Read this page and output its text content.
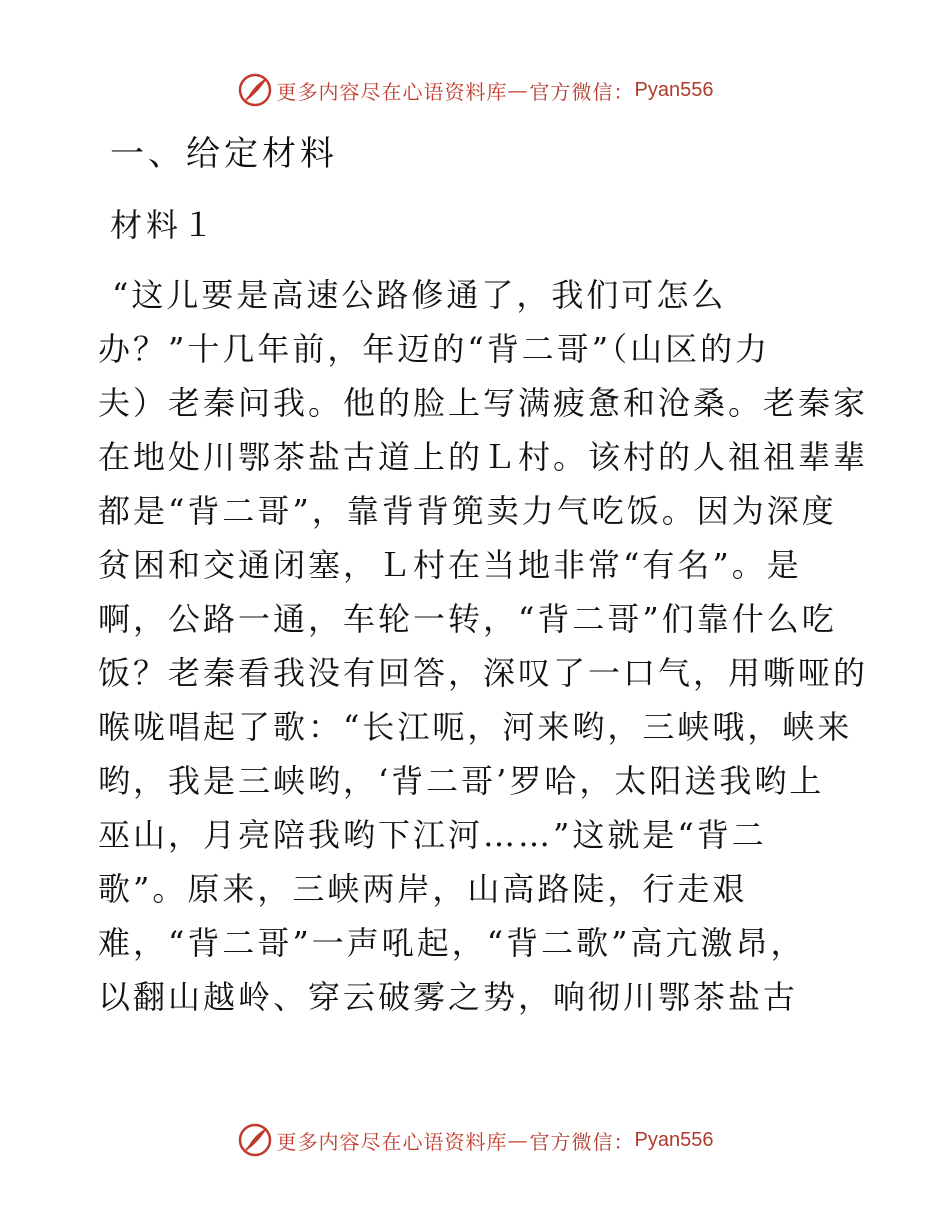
更多内容尽在心语资料库 — 官方微信： Pyan556
一、给定材料
材料１
“这儿要是高速公路修通了，我们可怎么
办？”十几年前，年迈的“背二哥”（山区的力
夫）老秦问我。他的脸上写满疲惫和沧桑。老秦家
在地处川鄂茶盐古道上的Ｌ村。该村的人祖祖辈辈
都是“背二哥”，靠背背篼卖力气吃饭。因为深度
贫困和交通闭塞，Ｌ村在当地非常“有名”。是
啊，公路一通，车轮一转，“背二哥”们靠什么吃
饭？老秦看我没有回答，深叹了一口气，用嘶哑的
喉咙唱起了歌：“长江呃，河来哟，三峡哦，峡来
哟，我是三峡哟，‘背二哥’罗哈，太阳送我哟上
巫山，月亮陪我哟下江河……”这就是“背二
歌”。原来，三峡两岸，山高路陡，行走艰
难，“背二哥”一声吼起，“背二歌”高亢激昂，
以翻山越岭、穿云破雾之势，响彻川鄂茶盐古
更多内容尽在心语资料库 — 官方微信： Pyan556
